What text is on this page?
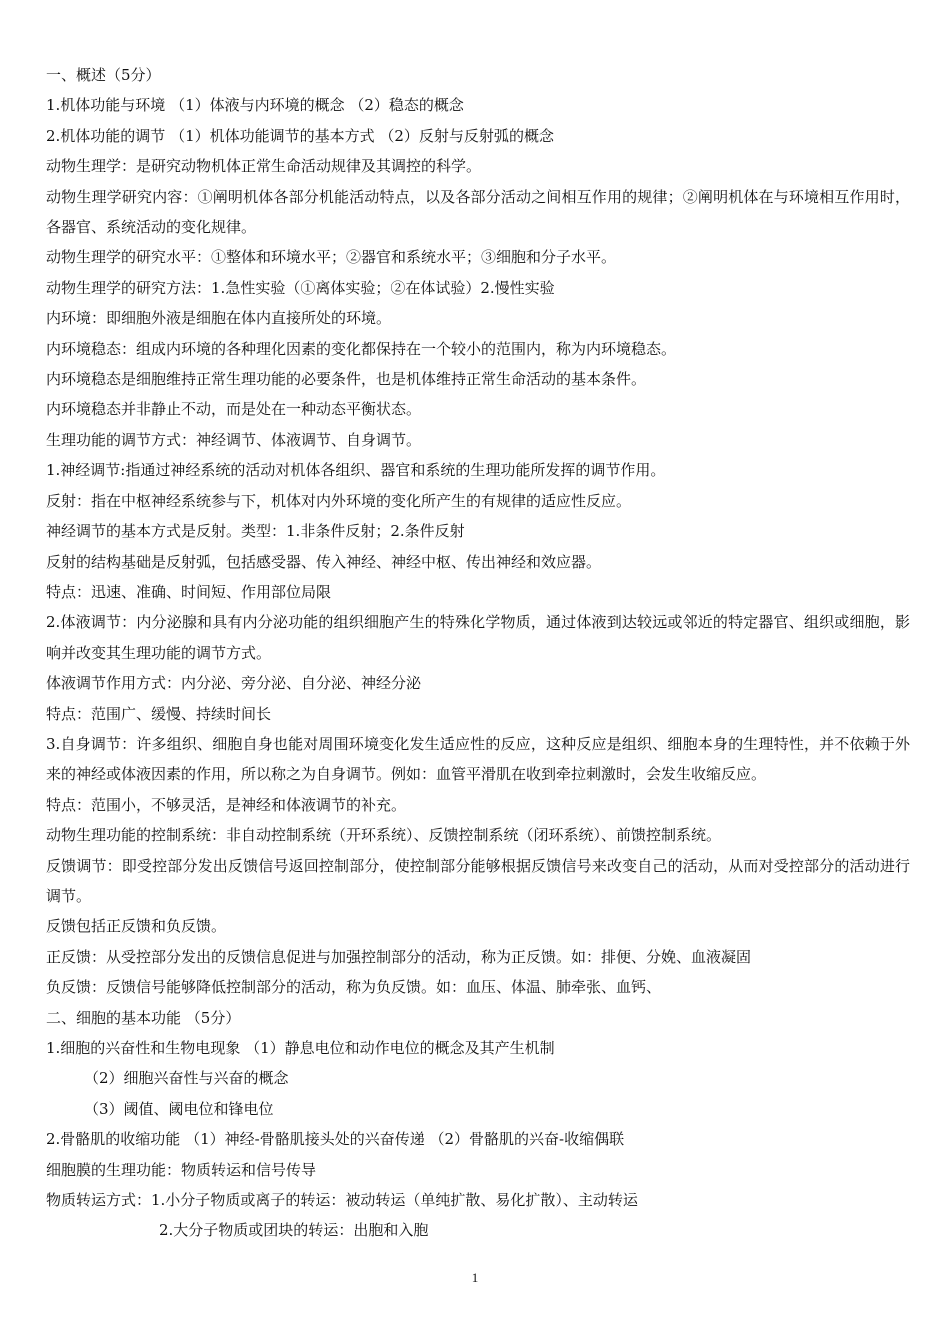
一、概述（5分）
1.机体功能与环境 （1）体液与内环境的概念 （2）稳态的概念
2.机体功能的调节 （1）机体功能调节的基本方式 （2）反射与反射弧的概念
动物生理学：是研究动物机体正常生命活动规律及其调控的科学。
动物生理学研究内容：①阐明机体各部分机能活动特点，以及各部分活动之间相互作用的规律；②阐明机体在与环境相互作用时，各器官、系统活动的变化规律。
动物生理学的研究水平：①整体和环境水平；②器官和系统水平；③细胞和分子水平。
动物生理学的研究方法：1.急性实验（①离体实验；②在体试验）2.慢性实验
内环境：即细胞外液是细胞在体内直接所处的环境。
内环境稳态：组成内环境的各种理化因素的变化都保持在一个较小的范围内，称为内环境稳态。
内环境稳态是细胞维持正常生理功能的必要条件，也是机体维持正常生命活动的基本条件。
内环境稳态并非静止不动，而是处在一种动态平衡状态。
生理功能的调节方式：神经调节、体液调节、自身调节。
1.神经调节:指通过神经系统的活动对机体各组织、器官和系统的生理功能所发挥的调节作用。
反射：指在中枢神经系统参与下，机体对内外环境的变化所产生的有规律的适应性反应。
神经调节的基本方式是反射。类型：1.非条件反射；2.条件反射
反射的结构基础是反射弧，包括感受器、传入神经、神经中枢、传出神经和效应器。
特点：迅速、准确、时间短、作用部位局限
2.体液调节：内分泌腺和具有内分泌功能的组织细胞产生的特殊化学物质，通过体液到达较远或邻近的特定器官、组织或细胞，影响并改变其生理功能的调节方式。
体液调节作用方式：内分泌、旁分泌、自分泌、神经分泌
特点：范围广、缓慢、持续时间长
3.自身调节：许多组织、细胞自身也能对周围环境变化发生适应性的反应，这种反应是组织、细胞本身的生理特性，并不依赖于外来的神经或体液因素的作用，所以称之为自身调节。例如：血管平滑肌在收到牵拉刺激时，会发生收缩反应。
特点：范围小，不够灵活，是神经和体液调节的补充。
动物生理功能的控制系统：非自动控制系统（开环系统）、反馈控制系统（闭环系统）、前馈控制系统。
反馈调节：即受控部分发出反馈信号返回控制部分，使控制部分能够根据反馈信号来改变自己的活动，从而对受控部分的活动进行调节。
反馈包括正反馈和负反馈。
正反馈：从受控部分发出的反馈信息促进与加强控制部分的活动，称为正反馈。如：排便、分娩、血液凝固
负反馈：反馈信号能够降低控制部分的活动，称为负反馈。如：血压、体温、肺牵张、血钙、
二、细胞的基本功能 （5分）
1.细胞的兴奋性和生物电现象 （1）静息电位和动作电位的概念及其产生机制
（2）细胞兴奋性与兴奋的概念
（3）阈值、阈电位和锋电位
2.骨骼肌的收缩功能 （1）神经-骨骼肌接头处的兴奋传递 （2）骨骼肌的兴奋-收缩偶联
细胞膜的生理功能：物质转运和信号传导
物质转运方式：1.小分子物质或离子的转运：被动转运（单纯扩散、易化扩散）、主动转运
2.大分子物质或团块的转运：出胞和入胞
1
